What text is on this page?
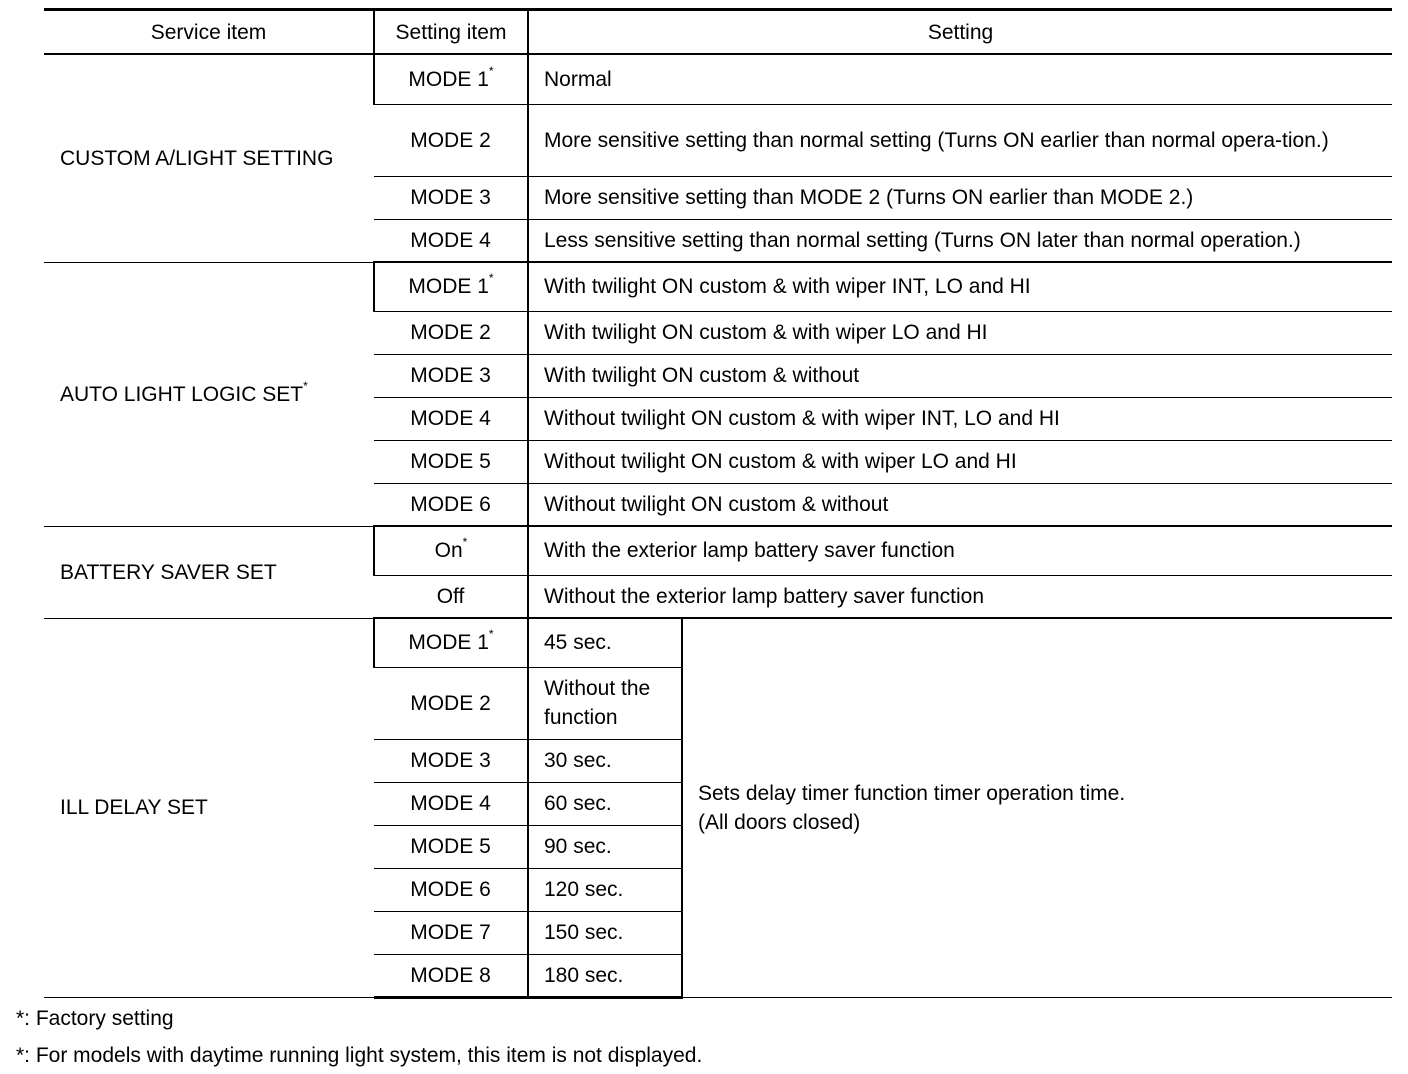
Service item	Setting item	Setting	
CUSTOM A/LIGHT SETTING	MODE 1*	Normal	
	MODE 2	More sensitive setting than normal setting (Turns ON earlier than normal opera-tion.)	
	MODE 3	More sensitive setting than MODE 2 (Turns ON earlier than MODE 2.)	
	MODE 4	Less sensitive setting than normal setting (Turns ON later than normal operation.)	
AUTO LIGHT LOGIC SET*	MODE 1*	With twilight ON custom & with wiper INT, LO and HI	
	MODE 2	With twilight ON custom & with wiper LO and HI	
	MODE 3	With twilight ON custom & without	
	MODE 4	Without twilight ON custom & with wiper INT, LO and HI	
	MODE 5	Without twilight ON custom & with wiper LO and HI	
	MODE 6	Without twilight ON custom & without	
BATTERY SAVER SET	On*	With the exterior lamp battery saver function	
	Off	Without the exterior lamp battery saver function	
ILL DELAY SET	MODE 1*	45 sec.	Sets delay timer function timer operation time.
(All doors closed)

	MODE 2	Without the function	
	MODE 3	30 sec.	
	MODE 4	60 sec.	
	MODE 5	90 sec.	
	MODE 6	120 sec.	
	MODE 7	150 sec.	
	MODE 8	180 sec.	
*: Factory setting
*: For models with daytime running light system, this item is not displayed.
